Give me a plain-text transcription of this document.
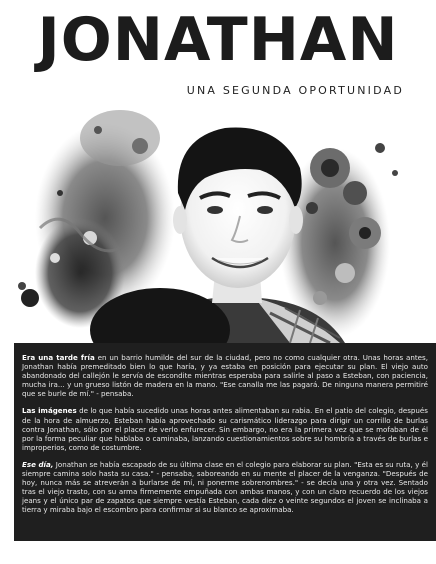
JONATHAN
UNA SEGUNDA OPORTUNIDAD

Era una tarde fría en un barrio humilde del sur de la ciudad, pero no como cualquier otra. Unas horas antes, Jonathan había premeditado bien lo que haría, y ya estaba en posición para ejecutar su plan. El viejo auto abandonado del callejón le servía de escondite mientras esperaba para salirle al paso a Esteban, con paciencia, mucha ira... y un grueso listón de madera en la mano. "Ese canalla me las pagará. De ninguna manera permitiré que se burle de mí." - pensaba.

Las imágenes de lo que había sucedido unas horas antes alimentaban su rabia. En el patio del colegio, después de la hora de almuerzo, Esteban había aprovechado su carismático liderazgo para dirigir un corrillo de burlas contra Jonathan, sólo por el placer de verlo enfurecer. Sin embargo, no era la primera vez que se mofaban de él por la forma peculiar que hablaba o caminaba, lanzando cuestionamientos sobre su hombría a través de burlas e improperios, como de costumbre.

Ese día, Jonathan se había escapado de su última clase en el colegio para elaborar su plan. "Esta es su ruta, y él siempre camina solo hasta su casa." - pensaba, saboreando en su mente el placer de la venganza. "Después de hoy, nunca más se atreverán a burlarse de mí, ni ponerme sobrenombres." - se decía una y otra vez. Sentado tras el viejo trasto, con su arma firmemente empuñada con ambas manos, y con un claro recuerdo de los viejos jeans y el único par de zapatos que siempre vestía Esteban, cada diez o veinte segundos el joven se inclinaba a tierra y miraba bajo el escombro para confirmar si su blanco se aproximaba.
